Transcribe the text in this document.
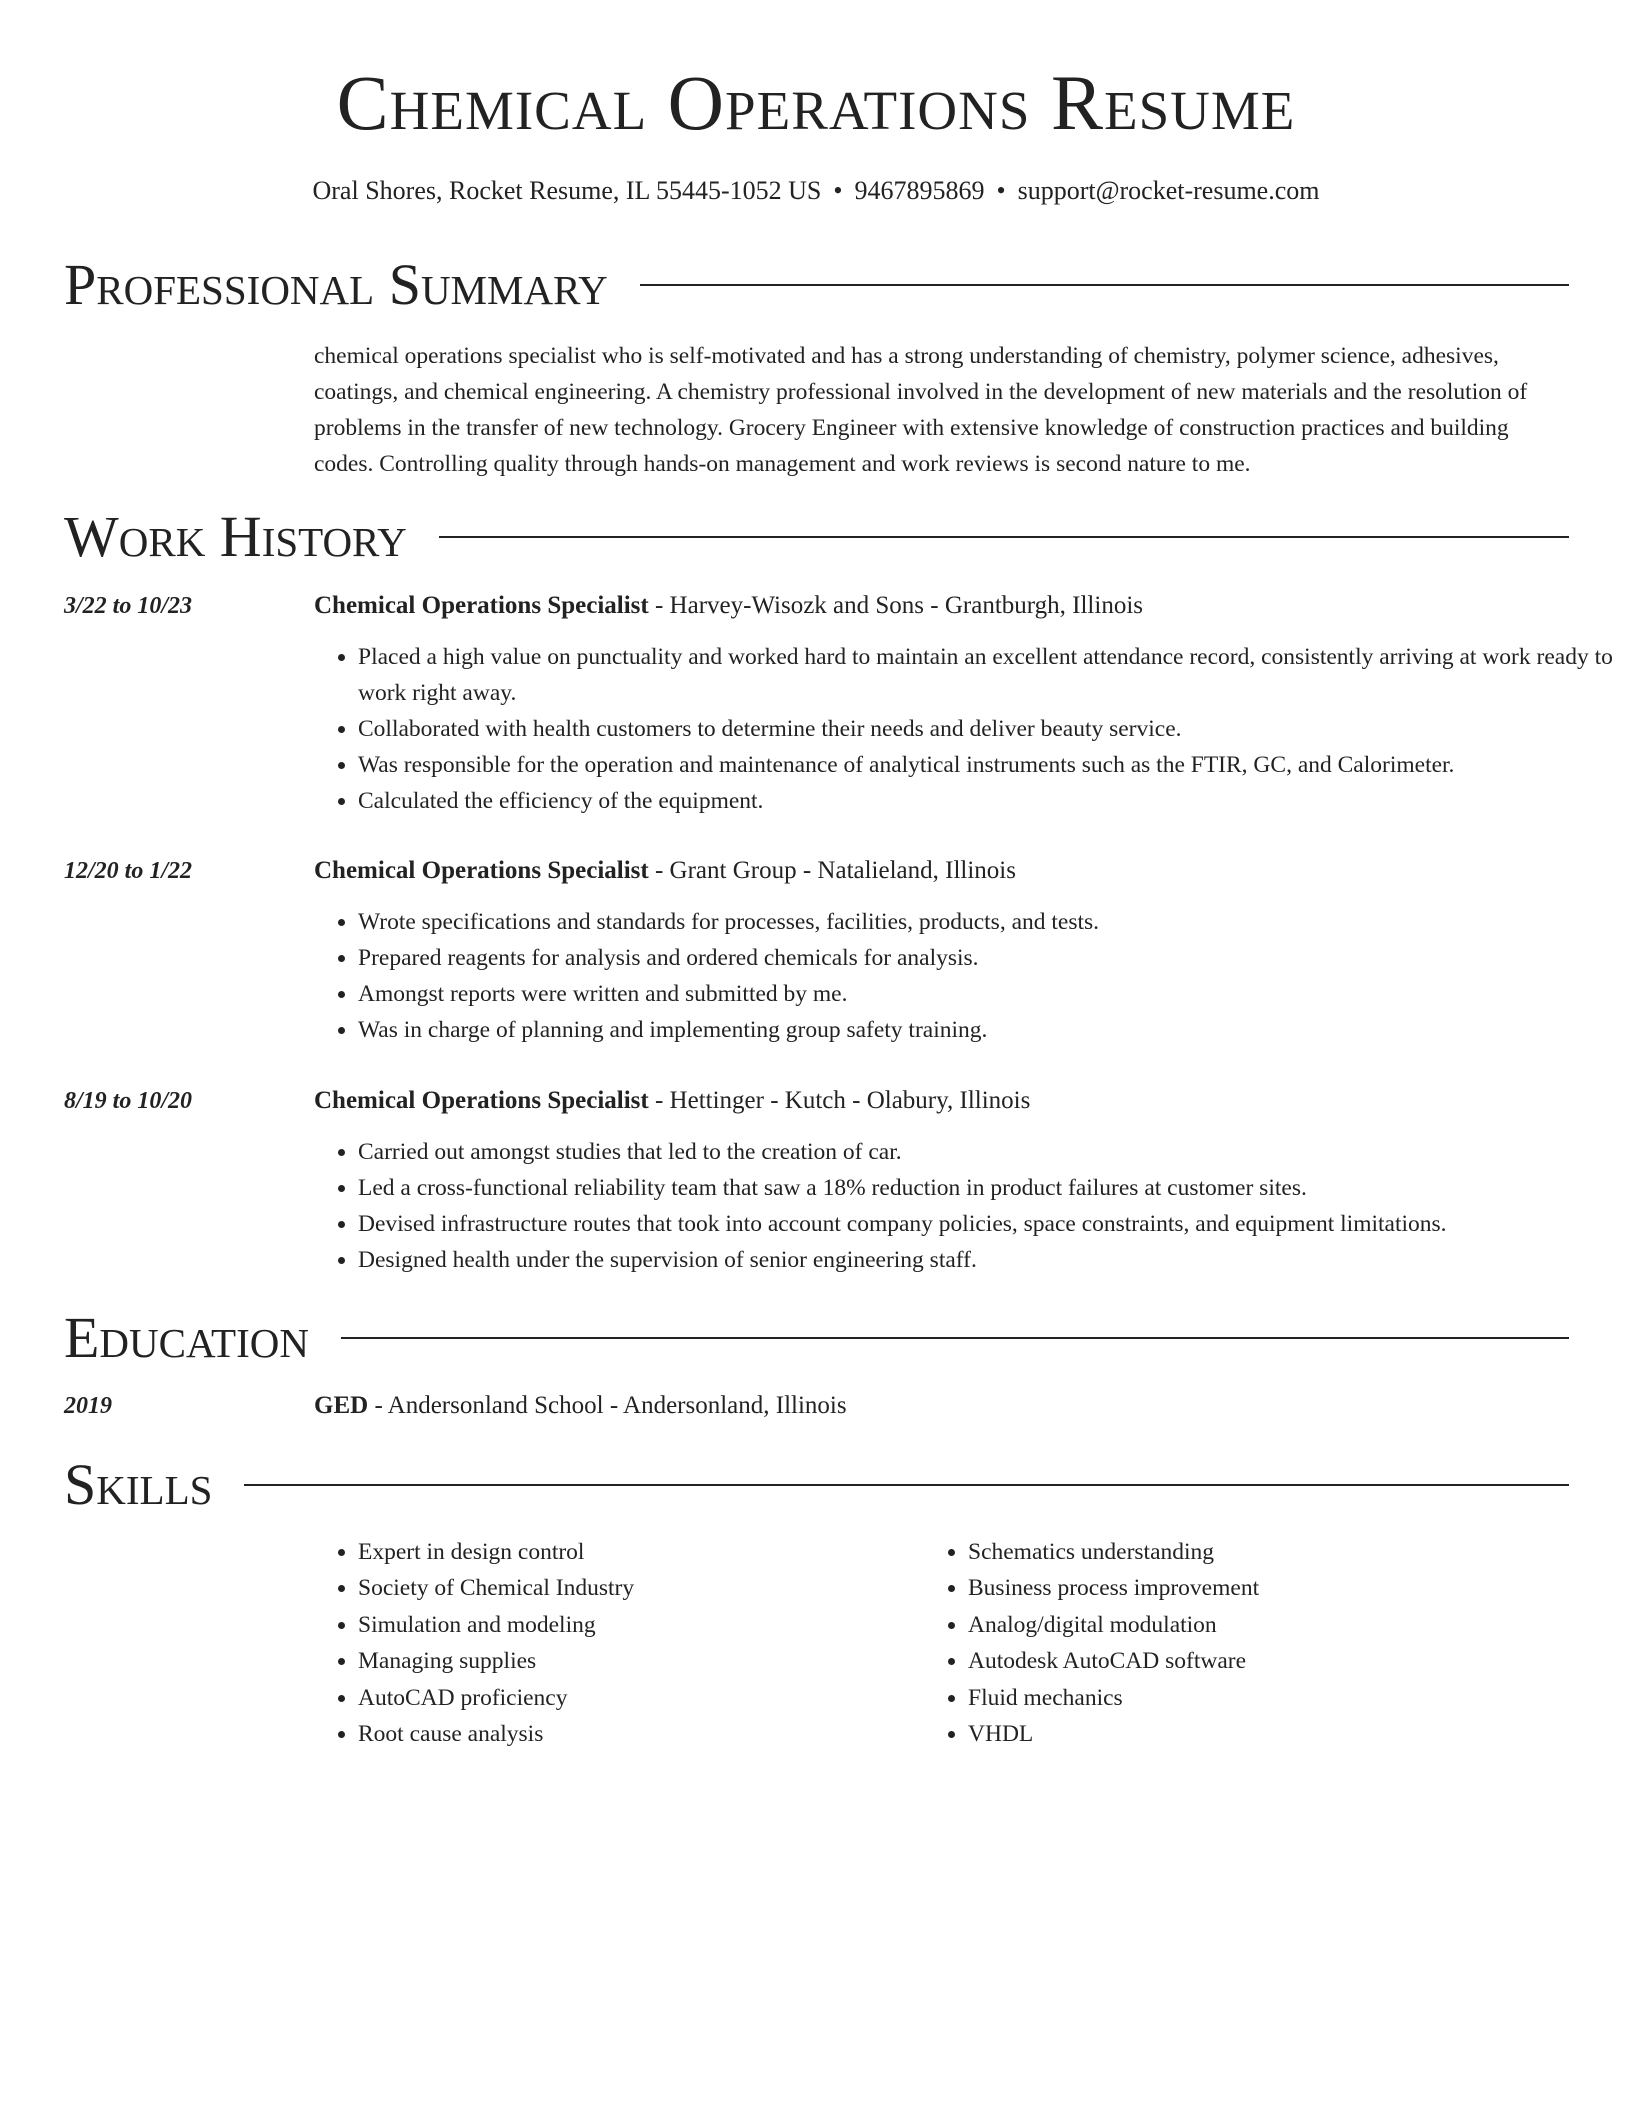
Chemical Operations Resume
Oral Shores, Rocket Resume, IL 55445-1052 US • 9467895869 • support@rocket-resume.com
Professional Summary
chemical operations specialist who is self-motivated and has a strong understanding of chemistry, polymer science, adhesives, coatings, and chemical engineering. A chemistry professional involved in the development of new materials and the resolution of problems in the transfer of new technology. Grocery Engineer with extensive knowledge of construction practices and building codes. Controlling quality through hands-on management and work reviews is second nature to me.
Work History
3/22 to 10/23	Chemical Operations Specialist - Harvey-Wisozk and Sons - Grantburgh, Illinois
• Placed a high value on punctuality and worked hard to maintain an excellent attendance record, consistently arriving at work ready to work right away.
• Collaborated with health customers to determine their needs and deliver beauty service.
• Was responsible for the operation and maintenance of analytical instruments such as the FTIR, GC, and Calorimeter.
• Calculated the efficiency of the equipment.
12/20 to 1/22	Chemical Operations Specialist - Grant Group - Natalieland, Illinois
• Wrote specifications and standards for processes, facilities, products, and tests.
• Prepared reagents for analysis and ordered chemicals for analysis.
• Amongst reports were written and submitted by me.
• Was in charge of planning and implementing group safety training.
8/19 to 10/20	Chemical Operations Specialist - Hettinger - Kutch - Olabury, Illinois
• Carried out amongst studies that led to the creation of car.
• Led a cross-functional reliability team that saw a 18% reduction in product failures at customer sites.
• Devised infrastructure routes that took into account company policies, space constraints, and equipment limitations.
• Designed health under the supervision of senior engineering staff.
Education
2019	GED - Andersonland School - Andersonland, Illinois
Skills
• Expert in design control
• Society of Chemical Industry
• Simulation and modeling
• Managing supplies
• AutoCAD proficiency
• Root cause analysis
• Schematics understanding
• Business process improvement
• Analog/digital modulation
• Autodesk AutoCAD software
• Fluid mechanics
• VHDL
